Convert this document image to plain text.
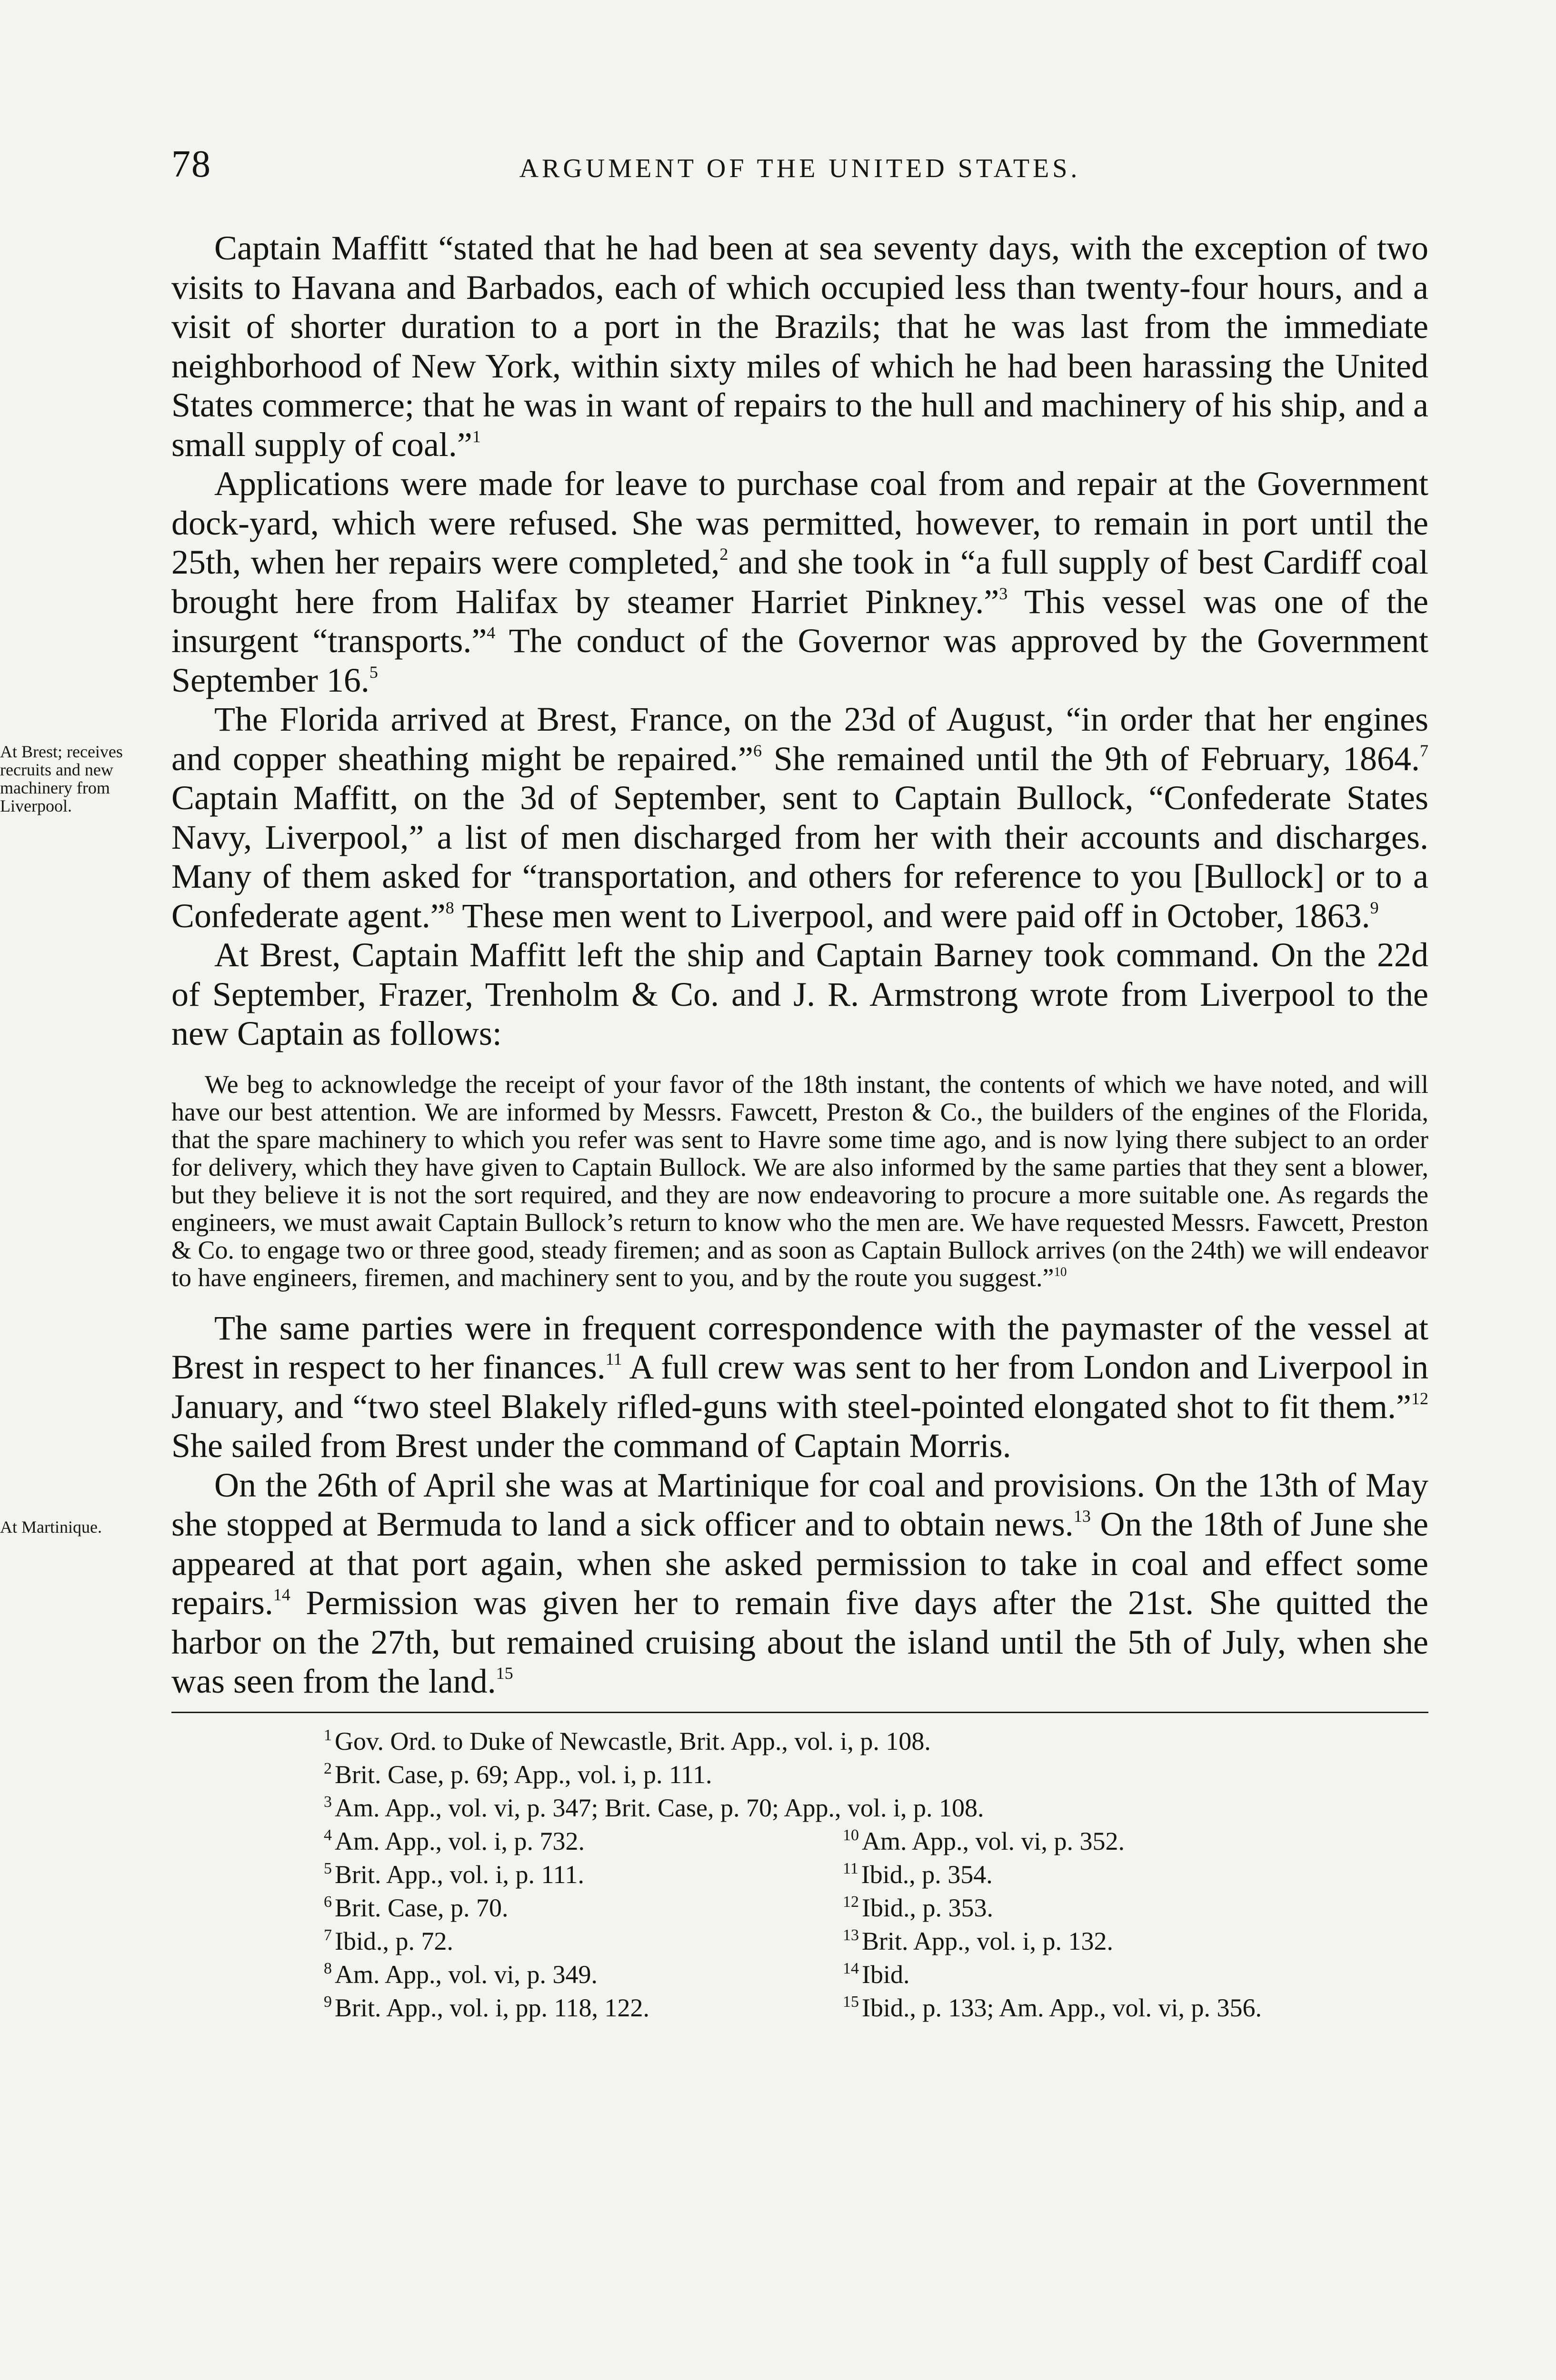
78	ARGUMENT OF THE UNITED STATES.

Captain Maffitt “stated that he had been at sea seventy days, with the exception of two visits to Havana and Barbados, each of which occupied less than twenty-four hours, and a visit of shorter duration to a port in the Brazils; that he was last from the immediate neighborhood of New York, within sixty miles of which he had been harassing the United States commerce; that he was in want of repairs to the hull and machinery of his ship, and a small supply of coal.”$^1$

Applications were made for leave to purchase coal from and repair at the Government dock-yard, which were refused. She was permitted, however, to remain in port until the 25th, when her repairs were completed,$^2$ and she took in “a full supply of best Cardiff coal brought here from Halifax by steamer Harriet Pinkney.”$^3$ This vessel was one of the insurgent “transports.”$^4$ The conduct of the Governor was approved by the Government September 16.$^5$

At Brest; receives recruits and new machinery from Liverpool.
The Florida arrived at Brest, France, on the 23d of August, “in order that her engines and copper sheathing might be repaired.”$^6$ She remained until the 9th of February, 1864.$^7$ Captain Maffitt, on the 3d of September, sent to Captain Bullock, “Confederate States Navy, Liverpool,” a list of men discharged from her with their accounts and discharges. Many of them asked for “transportation, and others for reference to you [Bullock] or to a Confederate agent.”$^8$ These men went to Liverpool, and were paid off in October, 1863.$^9$

At Brest, Captain Maffitt left the ship and Captain Barney took command. On the 22d of September, Frazer, Trenholm & Co. and J. R. Armstrong wrote from Liverpool to the new Captain as follows:

We beg to acknowledge the receipt of your favor of the 18th instant, the contents of which we have noted, and will have our best attention. We are informed by Messrs. Fawcett, Preston & Co., the builders of the engines of the Florida, that the spare machinery to which you refer was sent to Havre some time ago, and is now lying there subject to an order for delivery, which they have given to Captain Bullock. We are also informed by the same parties that they sent a blower, but they believe it is not the sort required, and they are now endeavoring to procure a more suitable one. As regards the engineers, we must await Captain Bullock’s return to know who the men are. We have requested Messrs. Fawcett, Preston & Co. to engage two or three good, steady firemen; and as soon as Captain Bullock arrives (on the 24th) we will endeavor to have engineers, firemen, and machinery sent to you, and by the route you suggest.”$^{10}$

The same parties were in frequent correspondence with the paymaster of the vessel at Brest in respect to her finances.$^{11}$ A full crew was sent to her from London and Liverpool in January, and “two steel Blakely rifled-guns with steel-pointed elongated shot to fit them.”$^{12}$ She sailed from Brest under the command of Captain Morris.

At Martinique.
On the 26th of April she was at Martinique for coal and provisions. On the 13th of May she stopped at Bermuda to land a sick officer and to obtain news.$^{13}$ On the 18th of June she appeared at that port again, when she asked permission to take in coal and effect some repairs.$^{14}$ Permission was given her to remain five days after the 21st. She quitted the harbor on the 27th, but remained cruising about the island until the 5th of July, when she was seen from the land.$^{15}$

$^1$ Gov. Ord. to Duke of Newcastle, Brit. App., vol. i, p. 108.
$^2$ Brit. Case, p. 69; App., vol. i, p. 111.
$^3$ Am. App., vol. vi, p. 347; Brit. Case, p. 70; App., vol. i, p. 108.
$^4$ Am. App., vol. i, p. 732.
$^5$ Brit. App., vol. i, p. 111.
$^6$ Brit. Case, p. 70.
$^7$ Ibid., p. 72.
$^8$ Am. App., vol. vi, p. 349.
$^9$ Brit. App., vol. i, pp. 118, 122.
$^{10}$ Am. App., vol. vi, p. 352.
$^{11}$ Ibid., p. 354.
$^{12}$ Ibid., p. 353.
$^{13}$ Brit. App., vol. i, p. 132.
$^{14}$ Ibid.
$^{15}$ Ibid., p. 133; Am. App., vol. vi, p. 356.
